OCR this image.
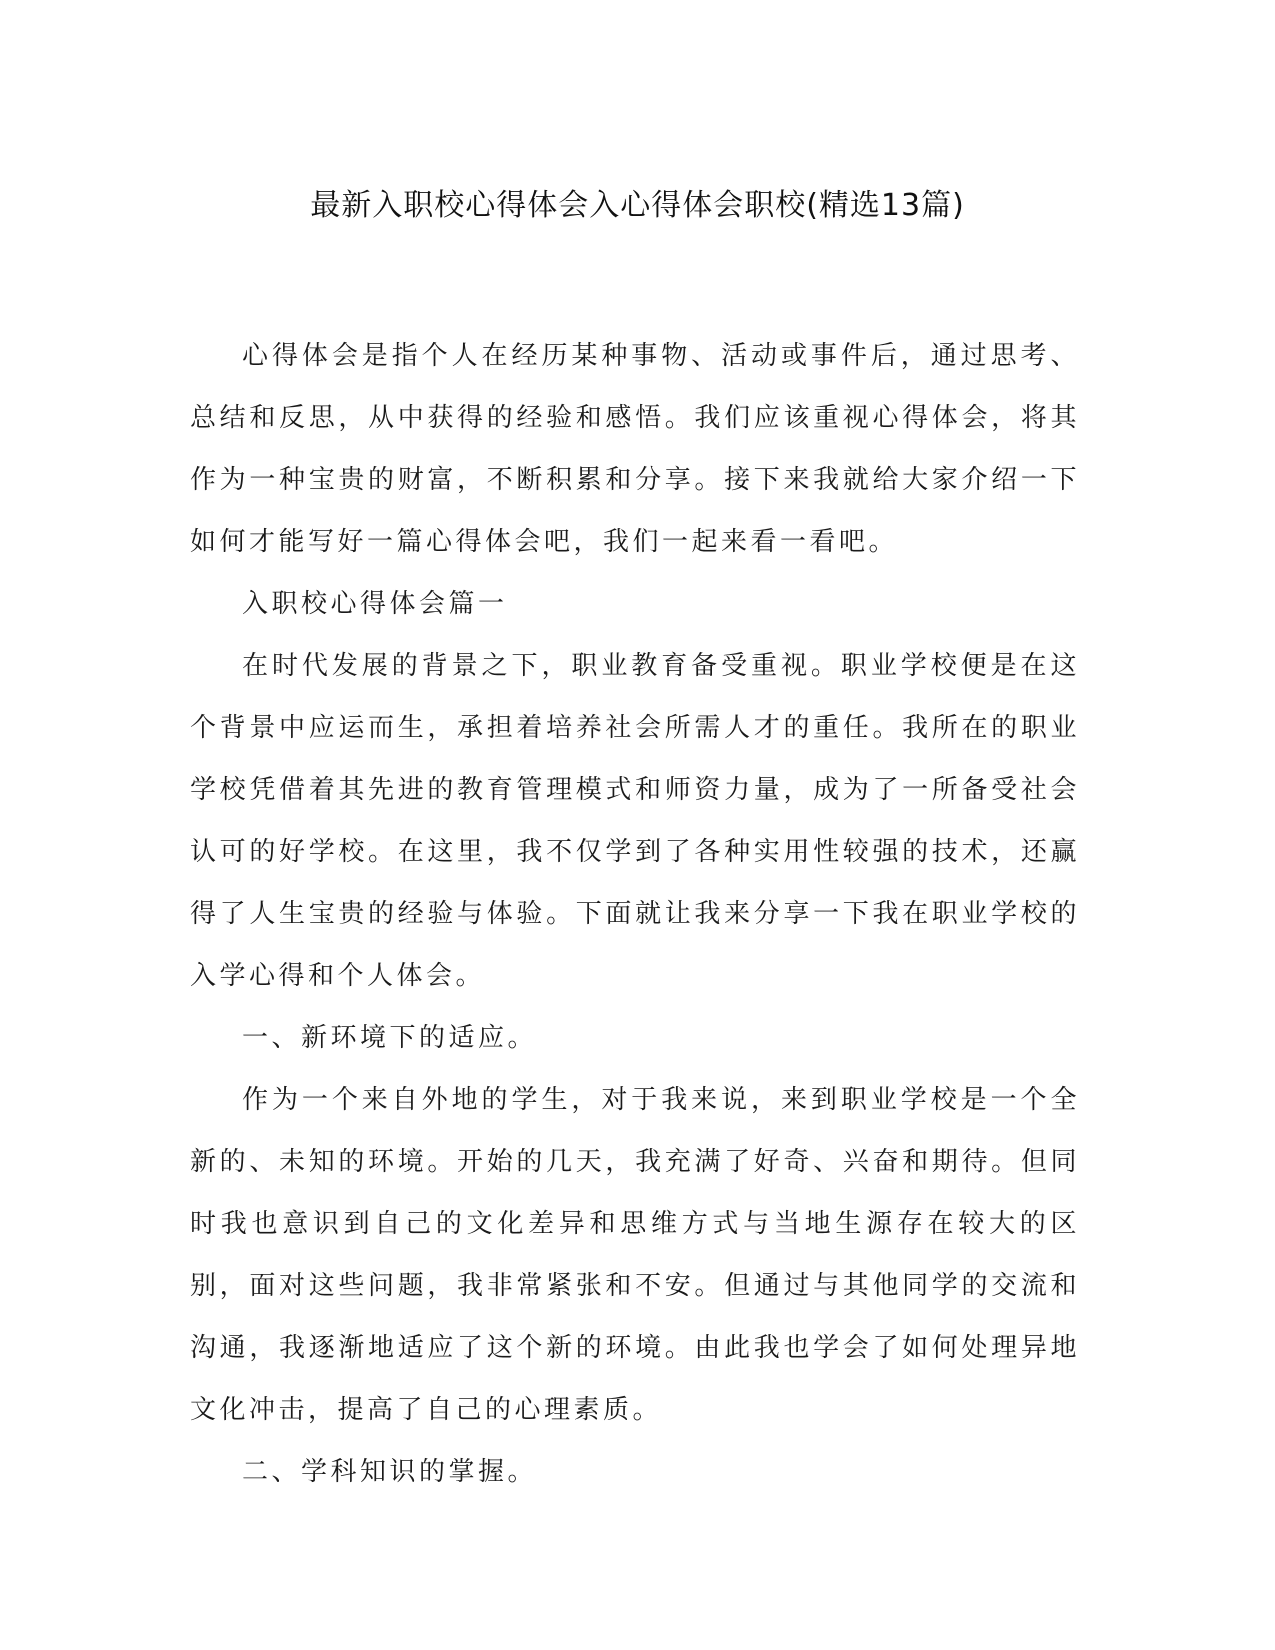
最新入职校心得体会入心得体会职校(精选13篇)

心得体会是指个人在经历某种事物、活动或事件后，通过思考、总结和反思，从中获得的经验和感悟。我们应该重视心得体会，将其作为一种宝贵的财富，不断积累和分享。接下来我就给大家介绍一下如何才能写好一篇心得体会吧，我们一起来看一看吧。

入职校心得体会篇一

在时代发展的背景之下，职业教育备受重视。职业学校便是在这个背景中应运而生，承担着培养社会所需人才的重任。我所在的职业学校凭借着其先进的教育管理模式和师资力量，成为了一所备受社会认可的好学校。在这里，我不仅学到了各种实用性较强的技术，还赢得了人生宝贵的经验与体验。下面就让我来分享一下我在职业学校的入学心得和个人体会。

一、新环境下的适应。

作为一个来自外地的学生，对于我来说，来到职业学校是一个全新的、未知的环境。开始的几天，我充满了好奇、兴奋和期待。但同时我也意识到自己的文化差异和思维方式与当地生源存在较大的区别，面对这些问题，我非常紧张和不安。但通过与其他同学的交流和沟通，我逐渐地适应了这个新的环境。由此我也学会了如何处理异地文化冲击，提高了自己的心理素质。

二、学科知识的掌握。
